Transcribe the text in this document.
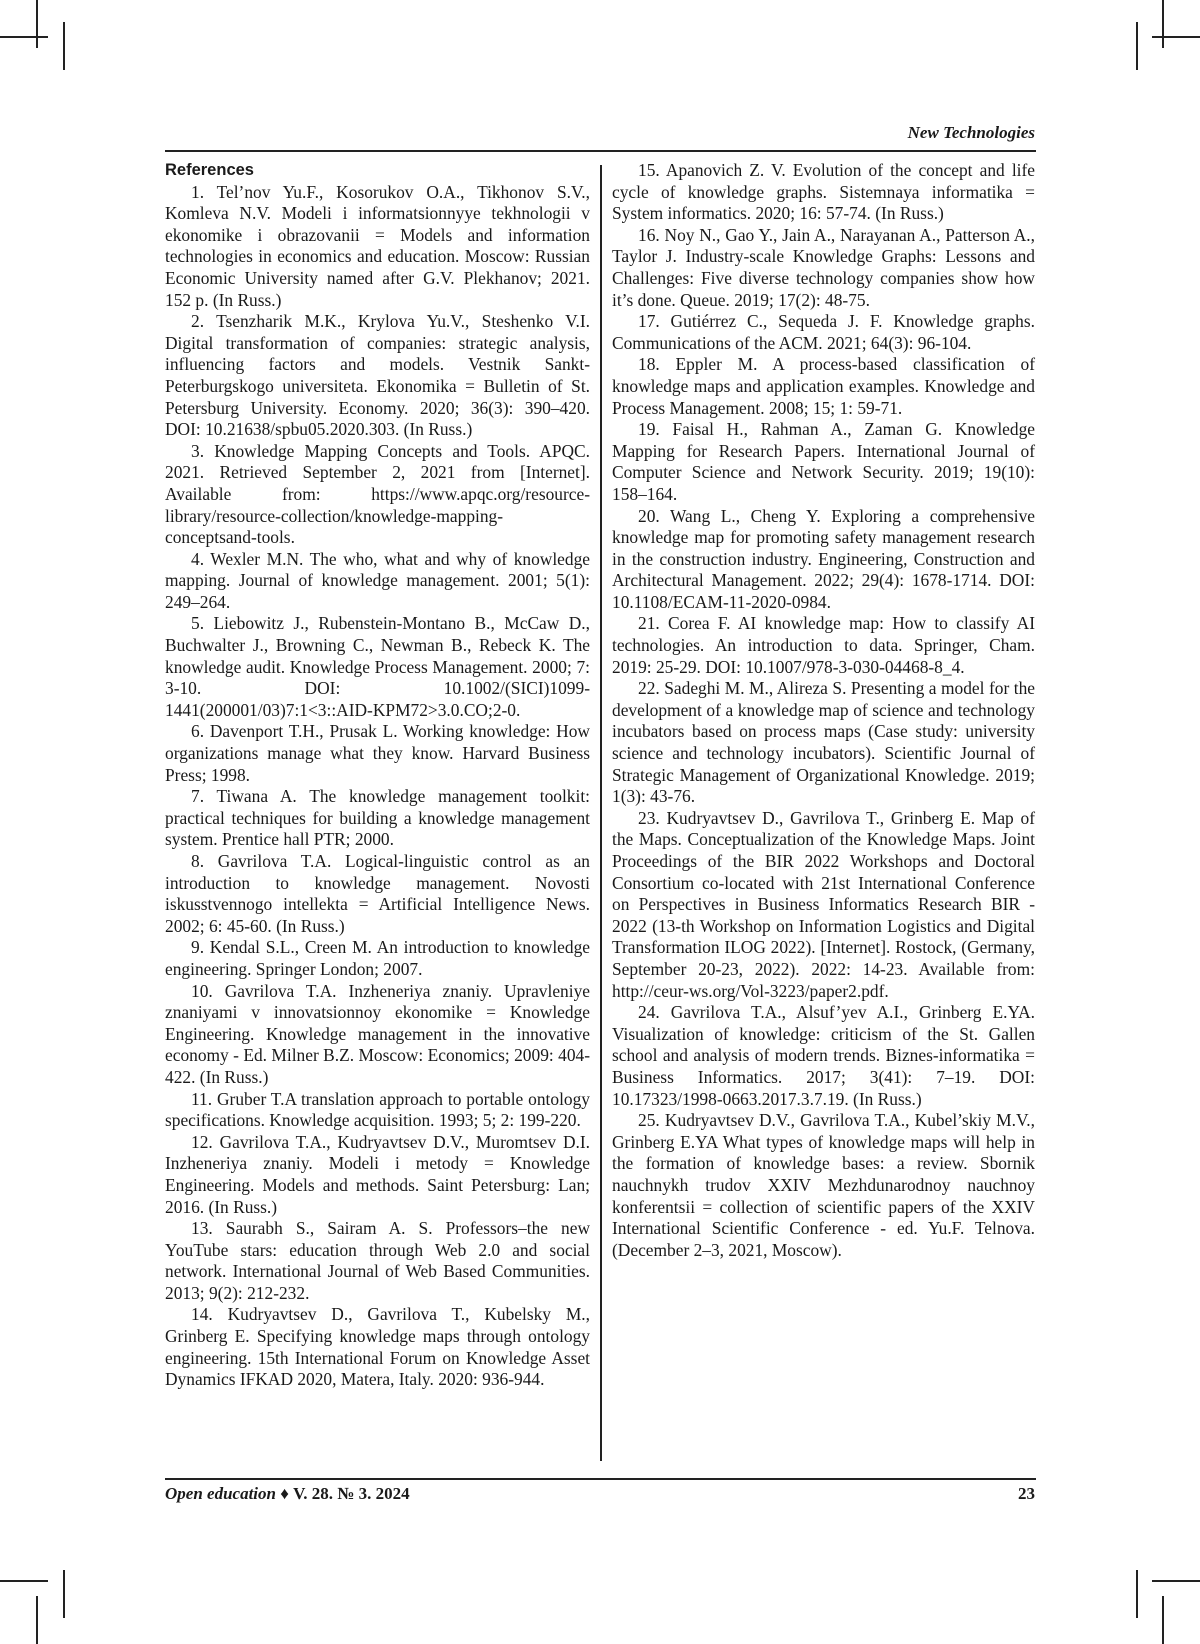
New Technologies
References
1. Tel’nov Yu.F., Kosorukov O.A., Tikhonov S.V., Komleva N.V. Modeli i informatsionnyye tekhnologii v ekonomike i obrazovanii = Models and information technologies in economics and education. Moscow: Russian Economic University named after G.V. Plekhanov; 2021. 152 p. (In Russ.)
2. Tsenzharik M.K., Krylova Yu.V., Steshenko V.I. Digital transformation of companies: strategic analysis, influencing factors and models. Vestnik Sankt-Peterburgskogo universiteta. Ekonomika = Bulletin of St. Petersburg University. Economy. 2020; 36(3): 390–420. DOI: 10.21638/spbu05.2020.303. (In Russ.)
3. Knowledge Mapping Concepts and Tools. APQC. 2021. Retrieved September 2, 2021 from [Internet]. Available from: https://www.apqc.org/resource-library/resource-collection/knowledge-mapping-conceptsand-tools.
4. Wexler M.N. The who, what and why of knowledge mapping. Journal of knowledge management. 2001; 5(1): 249–264.
5. Liebowitz J., Rubenstein-Montano B., McCaw D., Buchwalter J., Browning C., Newman B., Rebeck K. The knowledge audit. Knowledge Process Management. 2000; 7: 3-10. DOI: 10.1002/(SICI)1099-1441(200001/03)7:1<3::AID-KPM72>3.0.CO;2-0.
6. Davenport T.H., Prusak L. Working knowledge: How organizations manage what they know. Harvard Business Press; 1998.
7. Tiwana A. The knowledge management toolkit: practical techniques for building a knowledge management system. Prentice hall PTR; 2000.
8. Gavrilova T.A. Logical-linguistic control as an introduction to knowledge management. Novosti iskusstvennogo intellekta = Artificial Intelligence News. 2002; 6: 45-60. (In Russ.)
9. Kendal S.L., Creen M. An introduction to knowledge engineering. Springer London; 2007.
10. Gavrilova T.A. Inzheneriya znaniy. Upravleniye znaniyami v innovatsionnoy ekonomike = Knowledge Engineering. Knowledge management in the innovative economy - Ed. Milner B.Z. Moscow: Economics; 2009: 404-422. (In Russ.)
11. Gruber T.A translation approach to portable ontology specifications. Knowledge acquisition. 1993; 5; 2: 199-220.
12. Gavrilova T.A., Kudryavtsev D.V., Muromtsev D.I. Inzheneriya znaniy. Modeli i metody = Knowledge Engineering. Models and methods. Saint Petersburg: Lan; 2016. (In Russ.)
13. Saurabh S., Sairam A. S. Professors–the new YouTube stars: education through Web 2.0 and social network. International Journal of Web Based Communities. 2013; 9(2): 212-232.
14. Kudryavtsev D., Gavrilova T., Kubelsky M., Grinberg E. Specifying knowledge maps through ontology engineering. 15th International Forum on Knowledge Asset Dynamics IFKAD 2020, Matera, Italy. 2020: 936-944.
15. Apanovich Z. V. Evolution of the concept and life cycle of knowledge graphs. Sistemnaya informatika = System informatics. 2020; 16: 57-74. (In Russ.)
16. Noy N., Gao Y., Jain A., Narayanan A., Patterson A., Taylor J. Industry-scale Knowledge Graphs: Lessons and Challenges: Five diverse technology companies show how it’s done. Queue. 2019; 17(2): 48-75.
17. Gutiérrez C., Sequeda J. F. Knowledge graphs. Communications of the ACM. 2021; 64(3): 96-104.
18. Eppler M. A process-based classification of knowledge maps and application examples. Knowledge and Process Management. 2008; 15; 1: 59-71.
19. Faisal H., Rahman A., Zaman G. Knowledge Mapping for Research Papers. International Journal of Computer Science and Network Security. 2019; 19(10): 158–164.
20. Wang L., Cheng Y. Exploring a comprehensive knowledge map for promoting safety management research in the construction industry. Engineering, Construction and Architectural Management. 2022; 29(4): 1678-1714. DOI: 10.1108/ECAM-11-2020-0984.
21. Corea F. AI knowledge map: How to classify AI technologies. An introduction to data. Springer, Cham. 2019: 25-29. DOI: 10.1007/978-3-030-04468-8_4.
22. Sadeghi M. M., Alireza S. Presenting a model for the development of a knowledge map of science and technology incubators based on process maps (Case study: university science and technology incubators). Scientific Journal of Strategic Management of Organizational Knowledge. 2019; 1(3): 43-76.
23. Kudryavtsev D., Gavrilova T., Grinberg E. Map of the Maps. Conceptualization of the Knowledge Maps. Joint Proceedings of the BIR 2022 Workshops and Doctoral Consortium co-located with 21st International Conference on Perspectives in Business Informatics Research BIR - 2022 (13-th Workshop on Information Logistics and Digital Transformation ILOG 2022). [Internet]. Rostock, (Germany, September 20-23, 2022). 2022: 14-23. Available from: http://ceur-ws.org/Vol-3223/paper2.pdf.
24. Gavrilova T.A., Alsuf’yev A.I., Grinberg E.YA. Visualization of knowledge: criticism of the St. Gallen school and analysis of modern trends. Biznes-informatika = Business Informatics. 2017; 3(41): 7–19. DOI: 10.17323/1998-0663.2017.3.7.19. (In Russ.)
25. Kudryavtsev D.V., Gavrilova T.A., Kubel’skiy M.V., Grinberg E.YA What types of knowledge maps will help in the formation of knowledge bases: a review. Sbornik nauchnykh trudov XXIV Mezhdunarodnoy nauchnoy konferentsii = collection of scientific papers of the XXIV International Scientific Conference - ed. Yu.F. Telnova. (December 2–3, 2021, Moscow).
Open education ♦ V. 28. № 3. 2024	23
